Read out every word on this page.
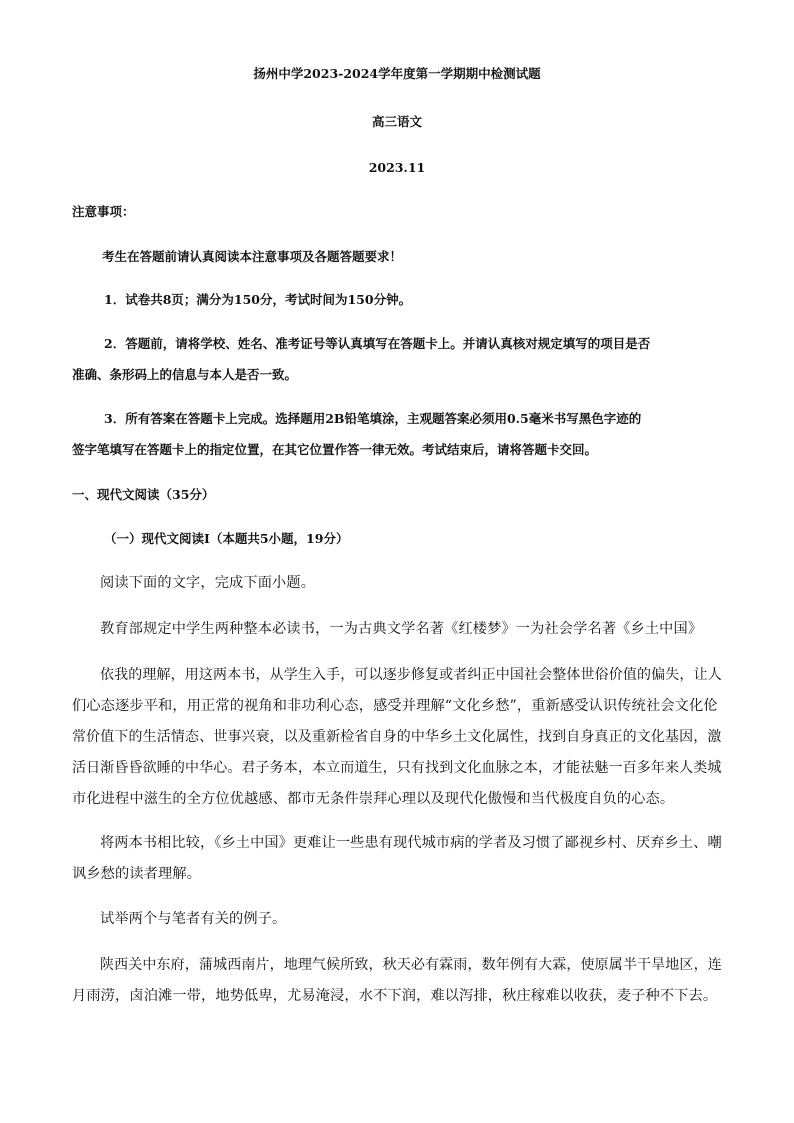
扬州中学2023-2024学年度第一学期期中检测试题
高三语文
2023.11
注意事项：
考生在答题前请认真阅读本注意事项及各题答题要求！
1．试卷共8页；满分为150分，考试时间为150分钟。
2．答题前，请将学校、姓名、准考证号等认真填写在答题卡上。并请认真核对规定填写的项目是否
准确、条形码上的信息与本人是否一致。
3．所有答案在答题卡上完成。选择题用2B铅笔填涂，主观题答案必须用0.5毫米书写黑色字迹的
签字笔填写在答题卡上的指定位置，在其它位置作答一律无效。考试结束后，请将答题卡交回。
一、现代文阅读（35分）
（一）现代文阅读Ⅰ（本题共5小题，19分）
阅读下面的文字，完成下面小题。
教育部规定中学生两种整本必读书，一为古典文学名著《红楼梦》一为社会学名著《乡土中国》
依我的理解，用这两本书，从学生入手，可以逐步修复或者纠正中国社会整体世俗价值的偏失，让人
们心态逐步平和，用正常的视角和非功利心态，感受并理解“文化乡愁”，重新感受认识传统社会文化伦
常价值下的生活情态、世事兴衰，以及重新检省自身的中华乡土文化属性，找到自身真正的文化基因，激
活日渐昏昏欲睡的中华心。君子务本，本立而道生，只有找到文化血脉之本，才能祛魅一百多年来人类城
市化进程中滋生的全方位优越感、都市无条件崇拜心理以及现代化傲慢和当代极度自负的心态。
将两本书相比较，《乡土中国》更难让一些患有现代城市病的学者及习惯了鄙视乡村、厌弃乡土、嘲
讽乡愁的读者理解。
试举两个与笔者有关的例子。
陕西关中东府，蒲城西南片，地理气候所致，秋天必有霖雨，数年例有大霖，使原属半干旱地区，连
月雨涝，卤泊滩一带，地势低卑，尤易淹浸，水不下润，难以泻排，秋庄稼难以收获，麦子种不下去。
